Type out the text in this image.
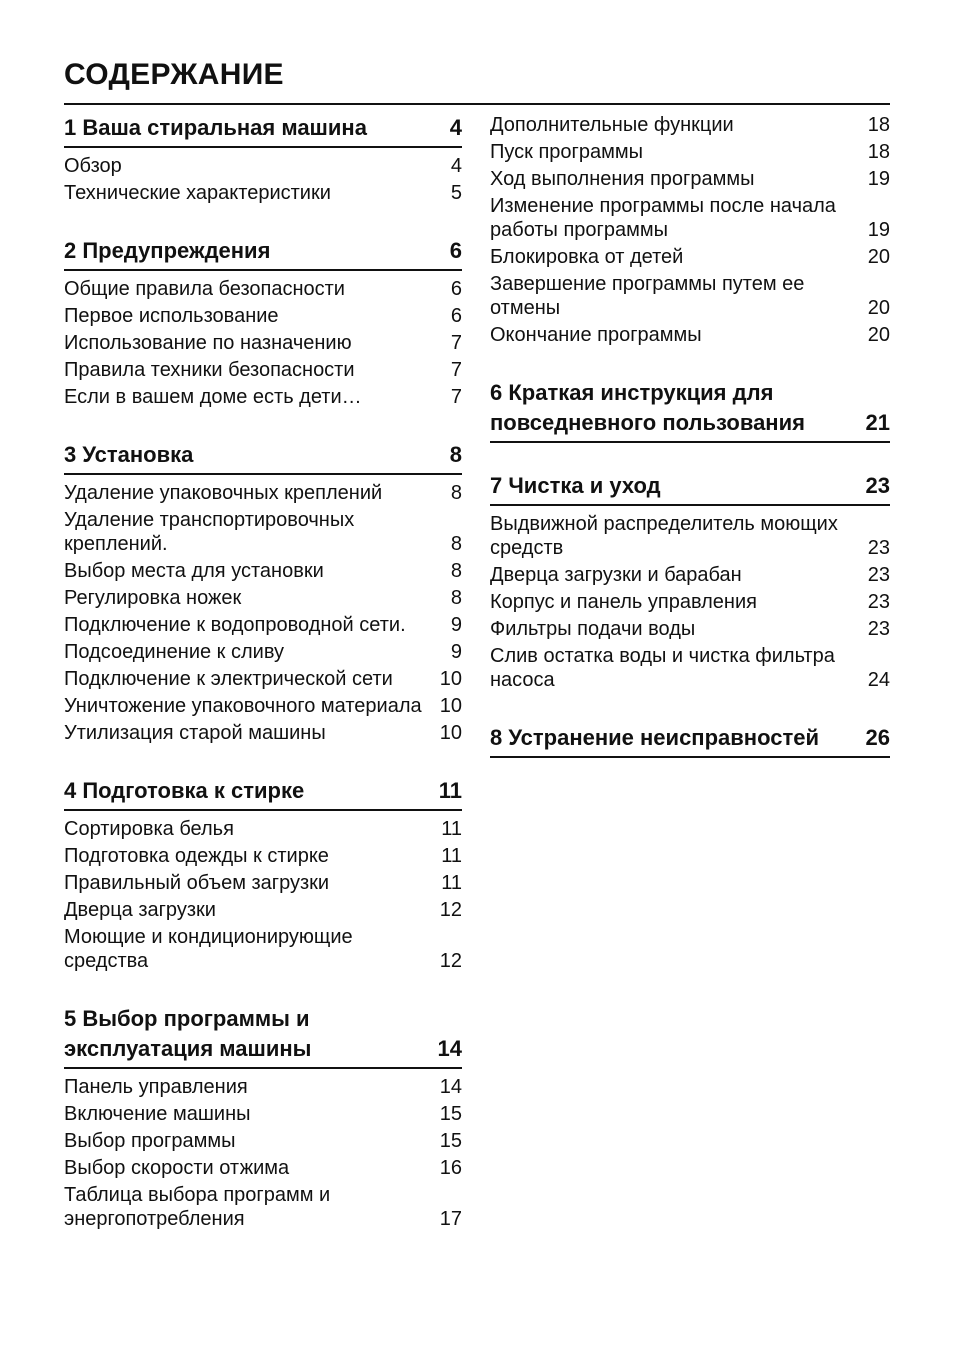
СОДЕРЖАНИЕ
1 Ваша стиральная машина	4
Обзор	4
Технические характеристики	5
2 Предупреждения	6
Общие правила безопасности	6
Первое использование	6
Использование по назначению	7
Правила техники безопасности	7
Если в вашем доме есть дети…	7
3 Установка	8
Удаление упаковочных креплений	8
Удаление транспортировочных креплений.	8
Выбор места для установки	8
Регулировка ножек	8
Подключение к водопроводной сети.	9
Подсоединение к сливу	9
Подключение к электрической сети	10
Уничтожение упаковочного материала 10
Утилизация старой машины	10
4 Подготовка к стирке	11
Сортировка белья	11
Подготовка одежды к стирке	11
Правильный объем загрузки	11
Дверца загрузки	12
Моющие и кондиционирующие средства	12
5 Выбор программы и эксплуатация машины	14
Панель управления	14
Включение машины	15
Выбор программы	15
Выбор скорости отжима	16
Таблица выбора программ и энергопотребления	17
Дополнительные функции	18
Пуск программы	18
Ход выполнения программы	19
Изменение программы после начала работы программы	19
Блокировка от детей	20
Завершение программы путем ее отмены	20
Окончание программы	20
6 Краткая инструкция для повседневного пользования	21
7 Чистка и уход	23
Выдвижной распределитель моющих средств	23
Дверца загрузки и барабан	23
Корпус и панель управления	23
Фильтры подачи воды	23
Слив остатка воды и чистка фильтра насоса	24
8 Устранение неисправностей	26
